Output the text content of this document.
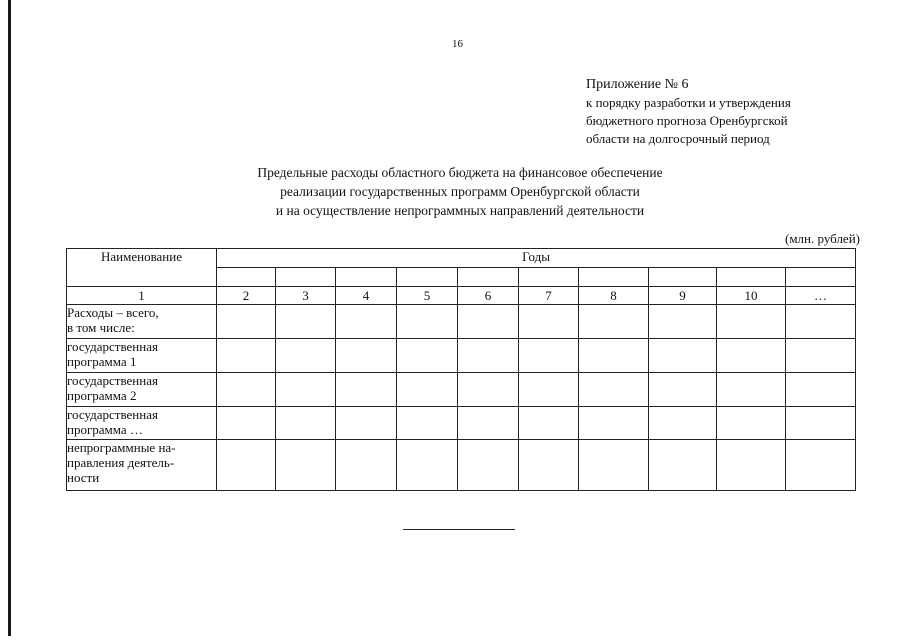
16
Приложение № 6
к порядку разработки и утверждения
бюджетного прогноза Оренбургской
области на долгосрочный период
Предельные расходы областного бюджета на финансовое обеспечение
реализации государственных программ Оренбургской области
и на осуществление непрограммных направлений деятельности
(млн. рублей)
Наименование	Годы									

1	2	3	4	5	6	7	8	9	10	…

Расходы – всего,
в том числе:										

государственная
программа 1										

государственная
программа 2										

государственная
программа …										

непрограммные на-
правления деятель-
ности										
